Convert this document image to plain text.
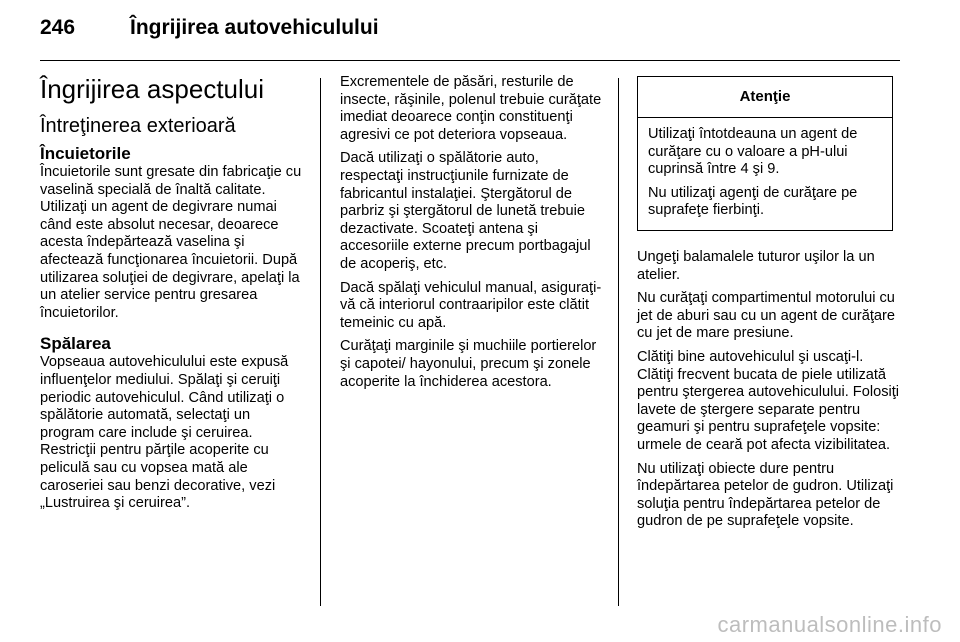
246	Îngrijirea autovehiculului
Îngrijirea aspectului
Întreţinerea exterioară
Încuietorile

Încuietorile sunt gresate din fabricaţie cu vaselină specială de înaltă calitate. Utilizaţi un agent de degivrare numai când este absolut necesar, deoarece acesta îndepărtează vaselina şi afectează funcţionarea încuietorii. După utilizarea soluţiei de degivrare, apelaţi la un atelier service pentru gresarea încuietorilor.

Spălarea

Vopseaua autovehiculului este expusă influenţelor mediului. Spălaţi şi ceruiţi periodic autovehiculul. Când utilizaţi o spălătorie automată, selectaţi un program care include şi ceruirea. Restricţii pentru părţile acoperite cu peliculă sau cu vopsea mată ale caroseriei sau benzi decorative, vezi „Lustruirea şi ceruirea”.

Excrementele de păsări, resturile de insecte, răşinile, polenul trebuie curăţate imediat deoarece conţin constituenţi agresivi ce pot deteriora vopseaua.

Dacă utilizaţi o spălătorie auto, respectaţi instrucţiunile furnizate de fabricantul instalaţiei. Ştergătorul de parbriz şi ştergătorul de lunetă trebuie dezactivate. Scoateţi antena şi accesoriile externe precum portbagajul de acoperiş, etc.

Dacă spălaţi vehiculul manual, asiguraţi-vă că interiorul contraaripilor este clătit temeinic cu apă.

Curăţaţi marginile şi muchiile portierelor şi capotei/ hayonului, precum şi zonele acoperite la închiderea acestora.

Atenţie

Utilizaţi întotdeauna un agent de curăţare cu o valoare a pH-ului cuprinsă între 4 şi 9.

Nu utilizaţi agenţi de curăţare pe suprafeţe fierbinţi.

Ungeţi balamalele tuturor uşilor la un atelier.

Nu curăţaţi compartimentul motorului cu jet de aburi sau cu un agent de curăţare cu jet de mare presiune.

Clătiţi bine autovehiculul şi uscaţi-l. Clătiţi frecvent bucata de piele utilizată pentru ştergerea autovehiculului. Folosiţi lavete de ştergere separate pentru geamuri şi pentru suprafeţele vopsite: urmele de ceară pot afecta vizibilitatea.

Nu utilizaţi obiecte dure pentru îndepărtarea petelor de gudron. Utilizaţi soluţia pentru îndepărtarea petelor de gudron de pe suprafeţele vopsite.

carmanualsonline.info
